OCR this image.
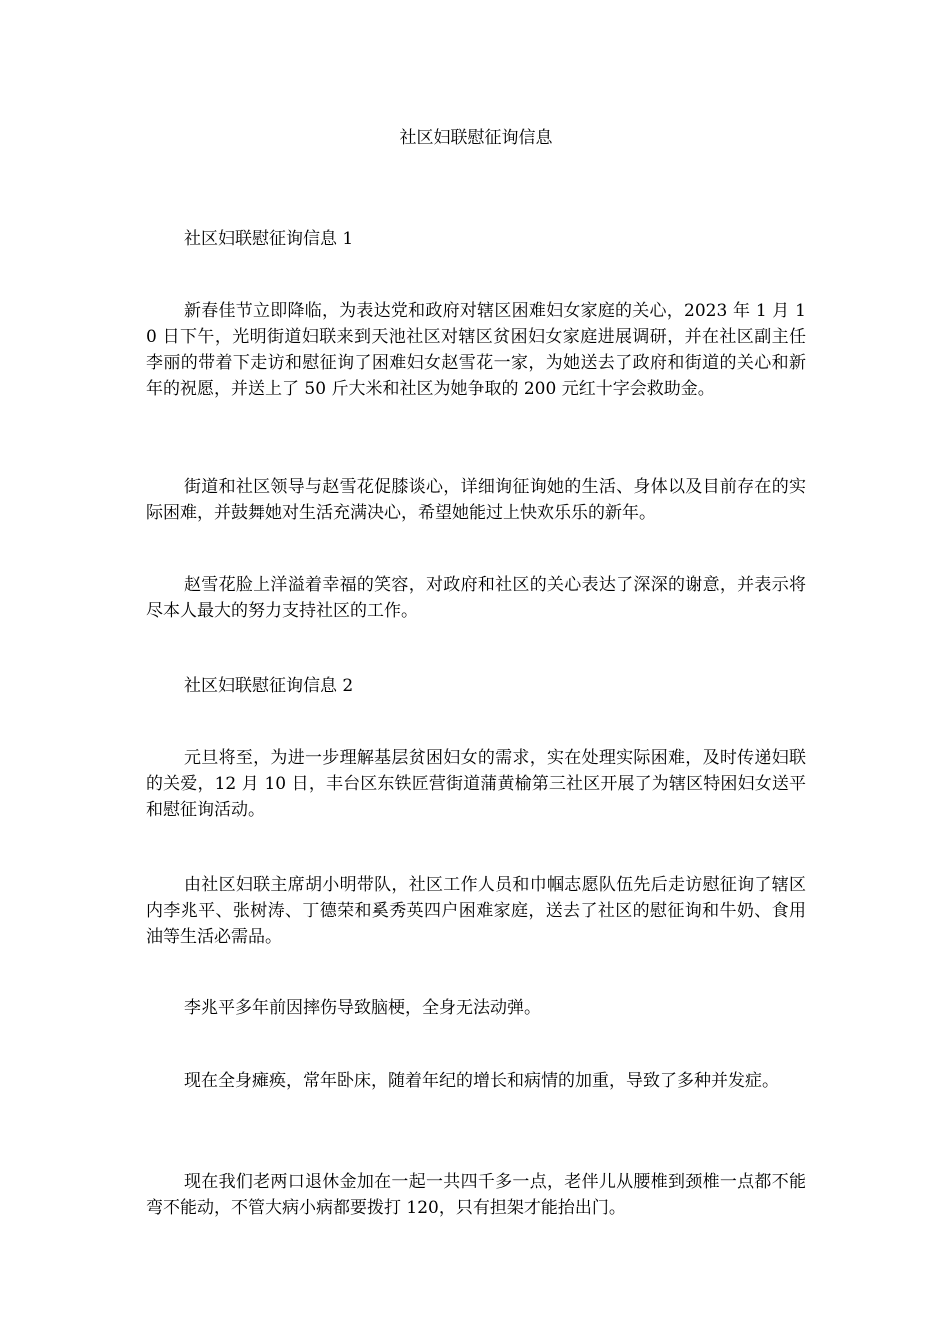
社区妇联慰征询信息

社区妇联慰征询信息 1

新春佳节立即降临，为表达党和政府对辖区困难妇女家庭的关心，2023 年 1 月 10 日下午，光明街道妇联来到天池社区对辖区贫困妇女家庭进展调研，并在社区副主任李丽的带着下走访和慰征询了困难妇女赵雪花一家，为她送去了政府和街道的关心和新年的祝愿，并送上了 50 斤大米和社区为她争取的 200 元红十字会救助金。

街道和社区领导与赵雪花促膝谈心，详细询征询她的生活、身体以及目前存在的实际困难，并鼓舞她对生活充满决心，希望她能过上快欢乐乐的新年。

赵雪花脸上洋溢着幸福的笑容，对政府和社区的关心表达了深深的谢意，并表示将尽本人最大的努力支持社区的工作。

社区妇联慰征询信息 2

元旦将至，为进一步理解基层贫困妇女的需求，实在处理实际困难，及时传递妇联的关爱，12 月 10 日，丰台区东铁匠营街道蒲黄榆第三社区开展了为辖区特困妇女送平和慰征询活动。

由社区妇联主席胡小明带队，社区工作人员和巾帼志愿队伍先后走访慰征询了辖区内李兆平、张树涛、丁德荣和奚秀英四户困难家庭，送去了社区的慰征询和牛奶、食用油等生活必需品。

李兆平多年前因摔伤导致脑梗，全身无法动弹。

现在全身瘫痪，常年卧床，随着年纪的增长和病情的加重，导致了多种并发症。

现在我们老两口退休金加在一起一共四千多一点，老伴儿从腰椎到颈椎一点都不能弯不能动，不管大病小病都要拨打 120，只有担架才能抬出门。
